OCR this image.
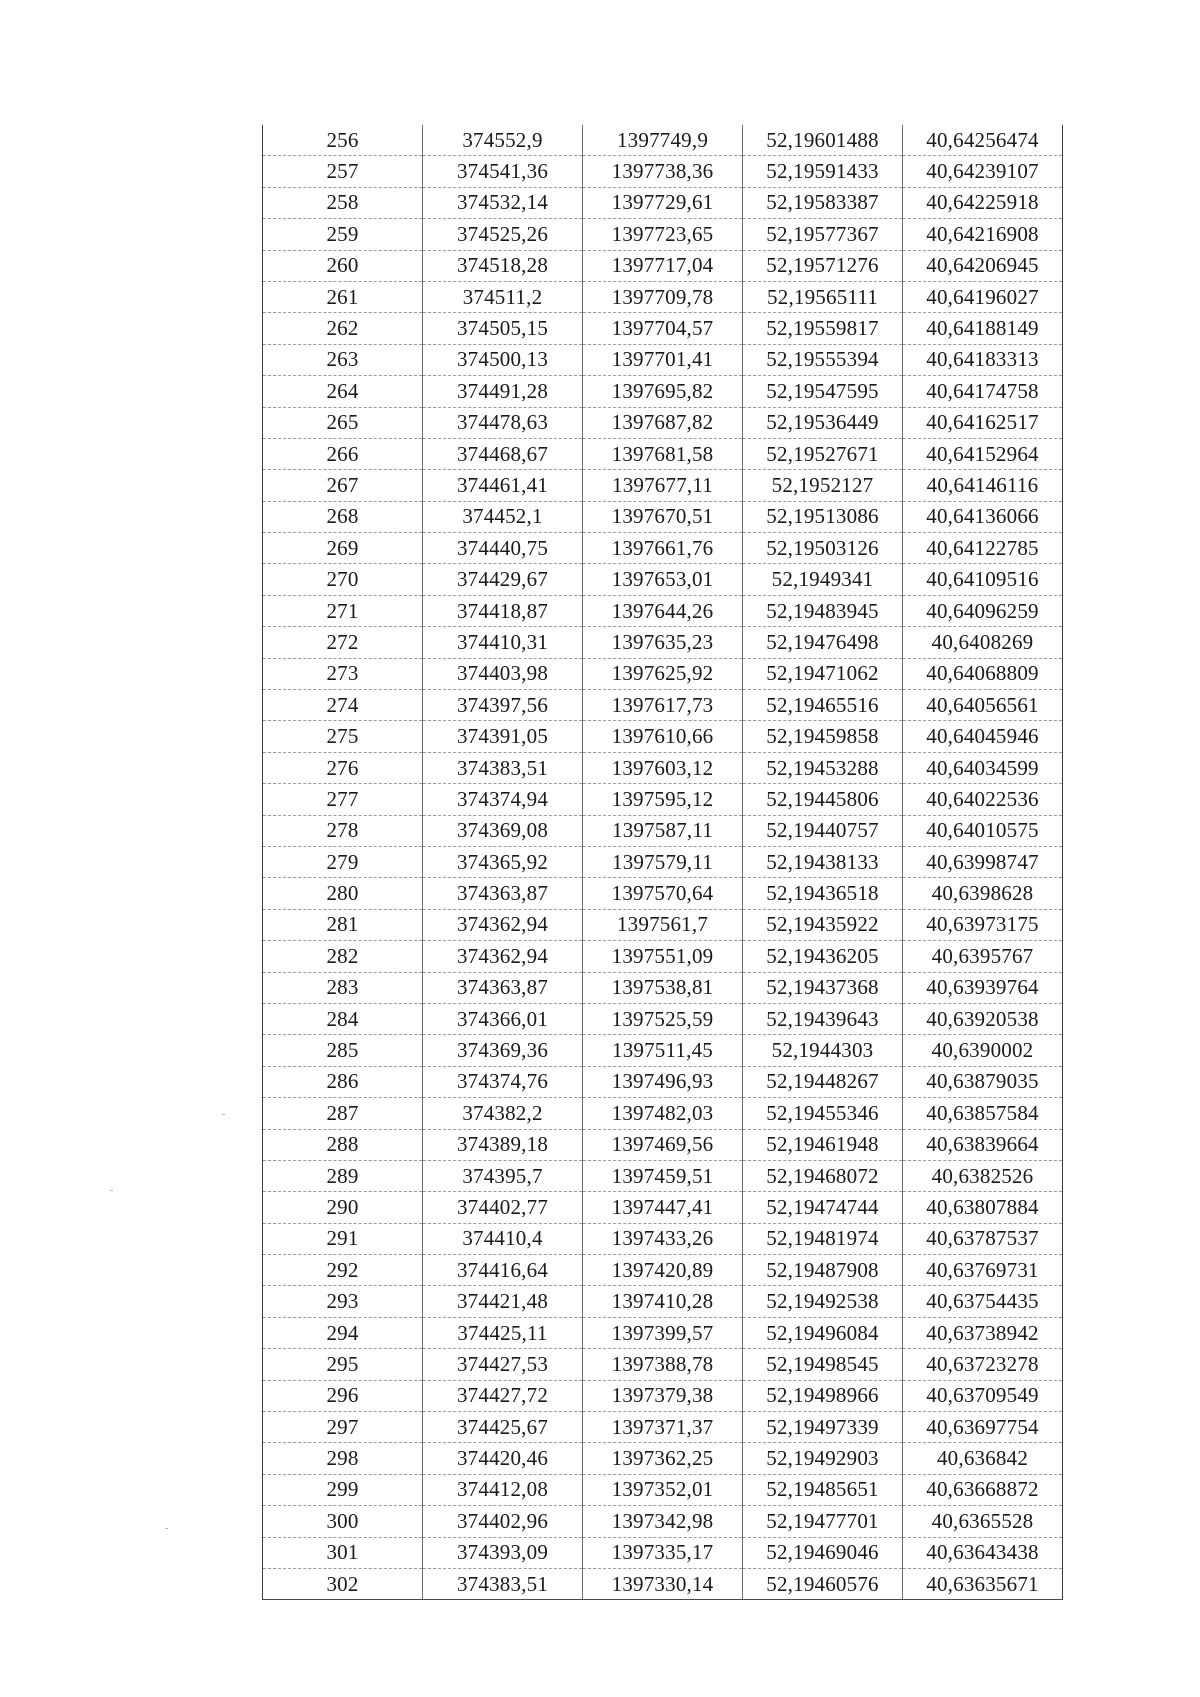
256	374552,9	1397749,9	52,19601488	40,64256474
257	374541,36	1397738,36	52,19591433	40,64239107
258	374532,14	1397729,61	52,19583387	40,64225918
259	374525,26	1397723,65	52,19577367	40,64216908
260	374518,28	1397717,04	52,19571276	40,64206945
261	374511,2	1397709,78	52,19565111	40,64196027
262	374505,15	1397704,57	52,19559817	40,64188149
263	374500,13	1397701,41	52,19555394	40,64183313
264	374491,28	1397695,82	52,19547595	40,64174758
265	374478,63	1397687,82	52,19536449	40,64162517
266	374468,67	1397681,58	52,19527671	40,64152964
267	374461,41	1397677,11	52,1952127	40,64146116
268	374452,1	1397670,51	52,19513086	40,64136066
269	374440,75	1397661,76	52,19503126	40,64122785
270	374429,67	1397653,01	52,1949341	40,64109516
271	374418,87	1397644,26	52,19483945	40,64096259
272	374410,31	1397635,23	52,19476498	40,6408269
273	374403,98	1397625,92	52,19471062	40,64068809
274	374397,56	1397617,73	52,19465516	40,64056561
275	374391,05	1397610,66	52,19459858	40,64045946
276	374383,51	1397603,12	52,19453288	40,64034599
277	374374,94	1397595,12	52,19445806	40,64022536
278	374369,08	1397587,11	52,19440757	40,64010575
279	374365,92	1397579,11	52,19438133	40,63998747
280	374363,87	1397570,64	52,19436518	40,6398628
281	374362,94	1397561,7	52,19435922	40,63973175
282	374362,94	1397551,09	52,19436205	40,6395767
283	374363,87	1397538,81	52,19437368	40,63939764
284	374366,01	1397525,59	52,19439643	40,63920538
285	374369,36	1397511,45	52,1944303	40,6390002
286	374374,76	1397496,93	52,19448267	40,63879035
287	374382,2	1397482,03	52,19455346	40,63857584
288	374389,18	1397469,56	52,19461948	40,63839664
289	374395,7	1397459,51	52,19468072	40,6382526
290	374402,77	1397447,41	52,19474744	40,63807884
291	374410,4	1397433,26	52,19481974	40,63787537
292	374416,64	1397420,89	52,19487908	40,63769731
293	374421,48	1397410,28	52,19492538	40,63754435
294	374425,11	1397399,57	52,19496084	40,63738942
295	374427,53	1397388,78	52,19498545	40,63723278
296	374427,72	1397379,38	52,19498966	40,63709549
297	374425,67	1397371,37	52,19497339	40,63697754
298	374420,46	1397362,25	52,19492903	40,636842
299	374412,08	1397352,01	52,19485651	40,63668872
300	374402,96	1397342,98	52,19477701	40,6365528
301	374393,09	1397335,17	52,19469046	40,63643438
302	374383,51	1397330,14	52,19460576	40,63635671
